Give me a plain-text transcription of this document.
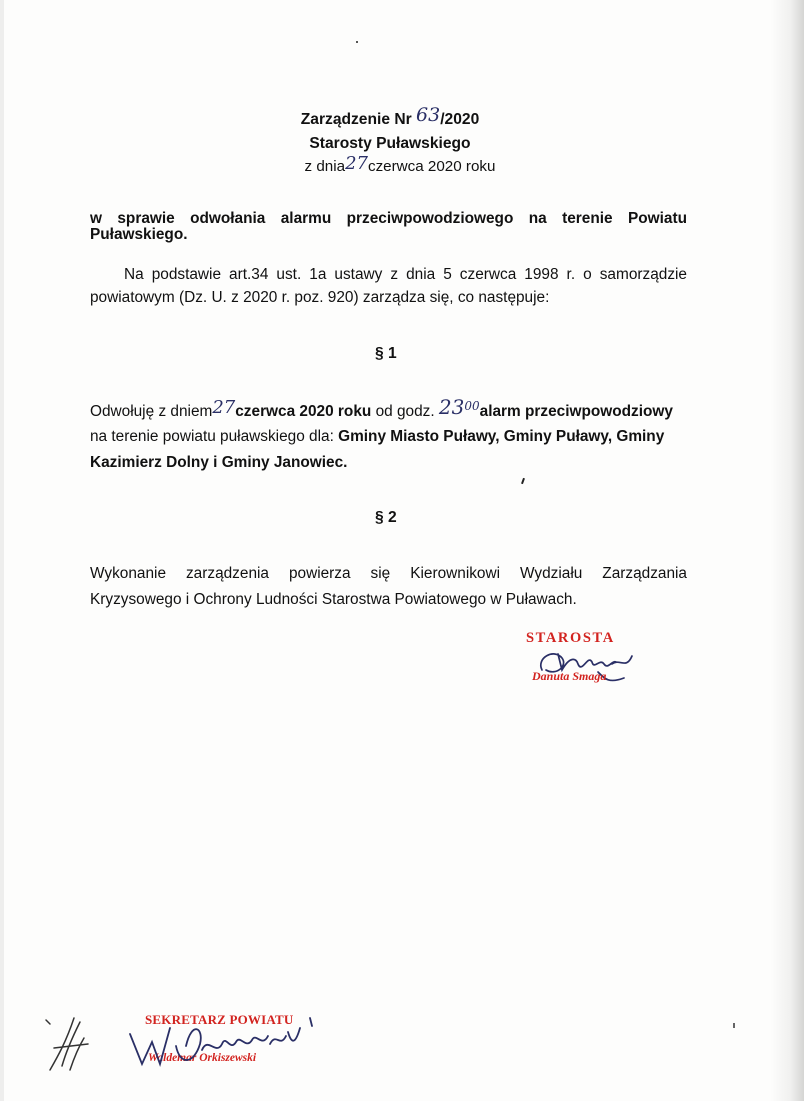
Zarządzenie Nr 63/2020
Starosty Puławskiego
z dnia27czerwca 2020 roku
w sprawie odwołania alarmu przeciwpowodziowego na terenie Powiatu
Puławskiego.
Na podstawie art.34 ust. 1a ustawy z dnia 5 czerwca 1998 r. o samorządzie
powiatowym (Dz. U. z 2020 r. poz. 920) zarządza się, co następuje:
§ 1
Odwołuję z dniem27czerwca 2020 roku od godz. $23^{00}alarm$ przeciwpowodziowy
na terenie powiatu puławskiego dla: Gminy Miasto Puławy, Gminy Puławy, Gminy
Kazimierz Dolny i Gminy Janowiec.
§ 2
Wykonanie zarządzenia powierza się Kierownikowi Wydziału Zarządzania
Kryzysowego i Ochrony Ludności Starostwa Powiatowego w Puławach.
STAROSTA
Danuta Smaga
SEKRETARZ POWIATU
Waldemar Orkiszewski
